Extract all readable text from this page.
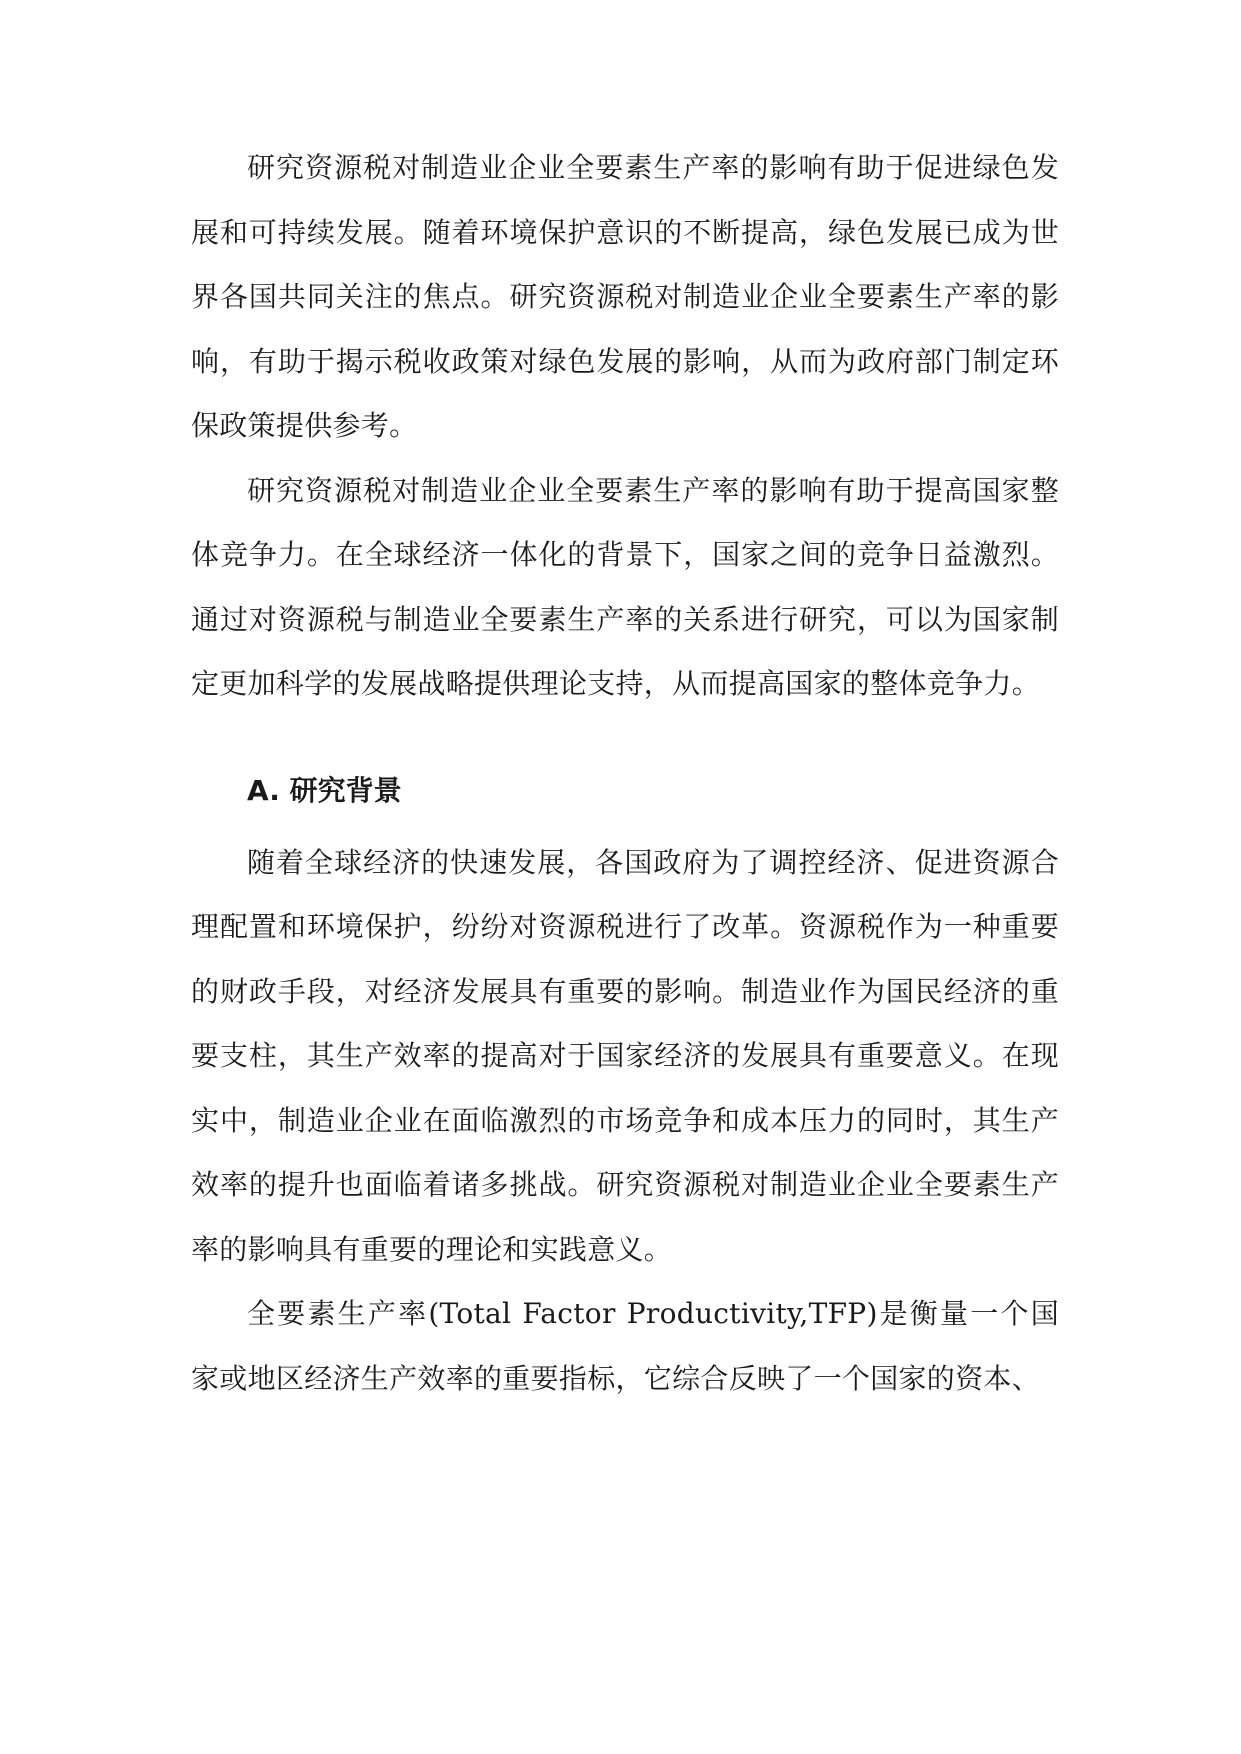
研究资源税对制造业企业全要素生产率的影响有助于促进绿色发展和可持续发展。随着环境保护意识的不断提高，绿色发展已成为世界各国共同关注的焦点。研究资源税对制造业企业全要素生产率的影响，有助于揭示税收政策对绿色发展的影响，从而为政府部门制定环保政策提供参考。

研究资源税对制造业企业全要素生产率的影响有助于提高国家整体竞争力。在全球经济一体化的背景下，国家之间的竞争日益激烈。通过对资源税与制造业全要素生产率的关系进行研究，可以为国家制定更加科学的发展战略提供理论支持，从而提高国家的整体竞争力。

A. 研究背景

随着全球经济的快速发展，各国政府为了调控经济、促进资源合理配置和环境保护，纷纷对资源税进行了改革。资源税作为一种重要的财政手段，对经济发展具有重要的影响。制造业作为国民经济的重要支柱，其生产效率的提高对于国家经济的发展具有重要意义。在现实中，制造业企业在面临激烈的市场竞争和成本压力的同时，其生产效率的提升也面临着诸多挑战。研究资源税对制造业企业全要素生产率的影响具有重要的理论和实践意义。

全要素生产率(Total Factor Productivity,TFP)是衡量一个国家或地区经济生产效率的重要指标，它综合反映了一个国家的资本、
